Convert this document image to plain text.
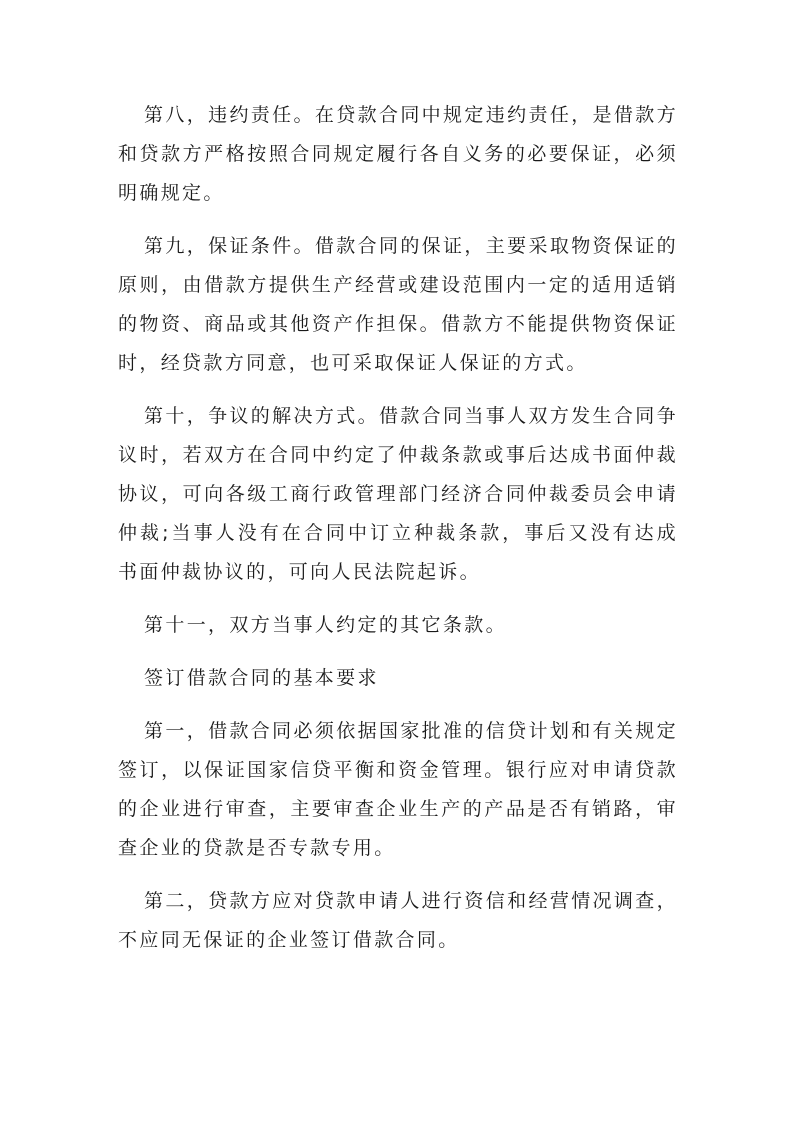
第八，违约责任。在贷款合同中规定违约责任，是借款方和贷款方严格按照合同规定履行各自义务的必要保证，必须明确规定。

第九，保证条件。借款合同的保证，主要采取物资保证的原则，由借款方提供生产经营或建设范围内一定的适用适销的物资、商品或其他资产作担保。借款方不能提供物资保证时，经贷款方同意，也可采取保证人保证的方式。

第十，争议的解决方式。借款合同当事人双方发生合同争议时，若双方在合同中约定了仲裁条款或事后达成书面仲裁协议，可向各级工商行政管理部门经济合同仲裁委员会申请仲裁;当事人没有在合同中订立种裁条款，事后又没有达成书面仲裁协议的，可向人民法院起诉。

第十一，双方当事人约定的其它条款。

签订借款合同的基本要求

第一，借款合同必须依据国家批准的信贷计划和有关规定签订，以保证国家信贷平衡和资金管理。银行应对申请贷款的企业进行审查，主要审查企业生产的产品是否有销路，审查企业的贷款是否专款专用。

第二，贷款方应对贷款申请人进行资信和经营情况调查，不应同无保证的企业签订借款合同。
